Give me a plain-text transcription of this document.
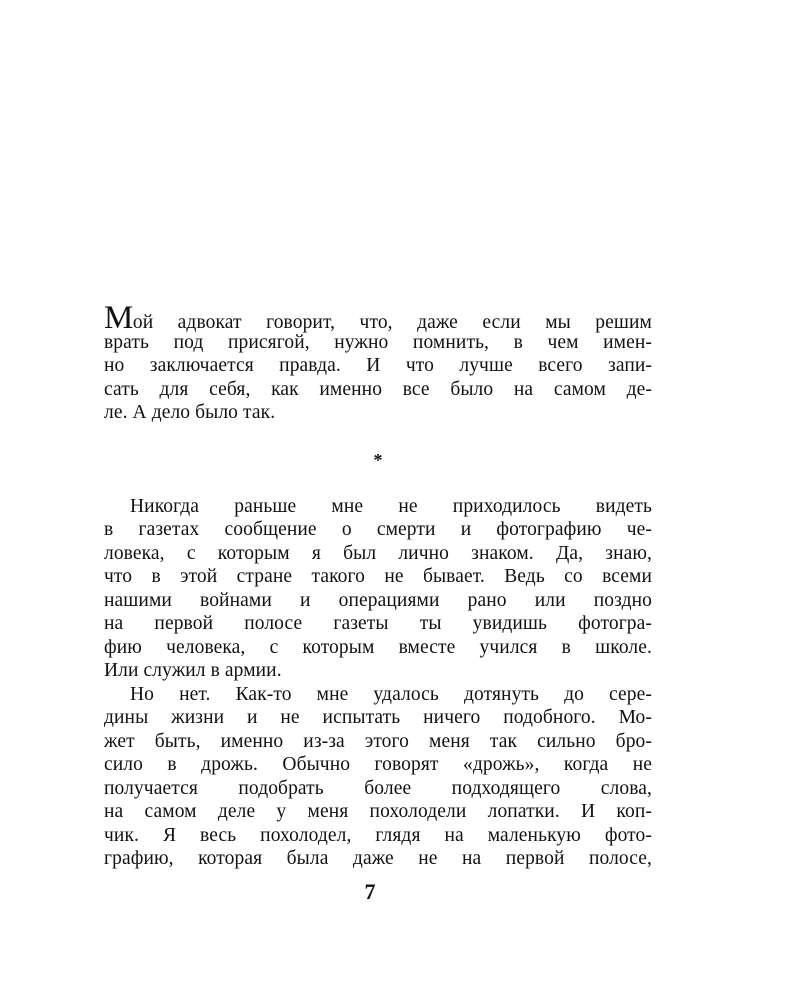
Мой адвокат говорит, что, даже если мы решим
врать под присягой, нужно помнить, в чем имен-
но заключается правда. И что лучше всего запи-
сать для себя, как именно все было на самом де-
ле. А дело было так.
*
Никогда раньше мне не приходилось видеть
в газетах сообщение о смерти и фотографию че-
ловека, с которым я был лично знаком. Да, знаю,
что в этой стране такого не бывает. Ведь со всеми
нашими войнами и операциями рано или поздно
на первой полосе газеты ты увидишь фотогра-
фию человека, с которым вместе учился в школе.
Или служил в армии.
Но нет. Как-то мне удалось дотянуть до сере-
дины жизни и не испытать ничего подобного. Мо-
жет быть, именно из-за этого меня так сильно бро-
сило в дрожь. Обычно говорят «дрожь», когда не
получается подобрать более подходящего слова,
на самом деле у меня похолодели лопатки. И коп-
чик. Я весь похолодел, глядя на маленькую фото-
графию, которая была даже не на первой полосе,
7
